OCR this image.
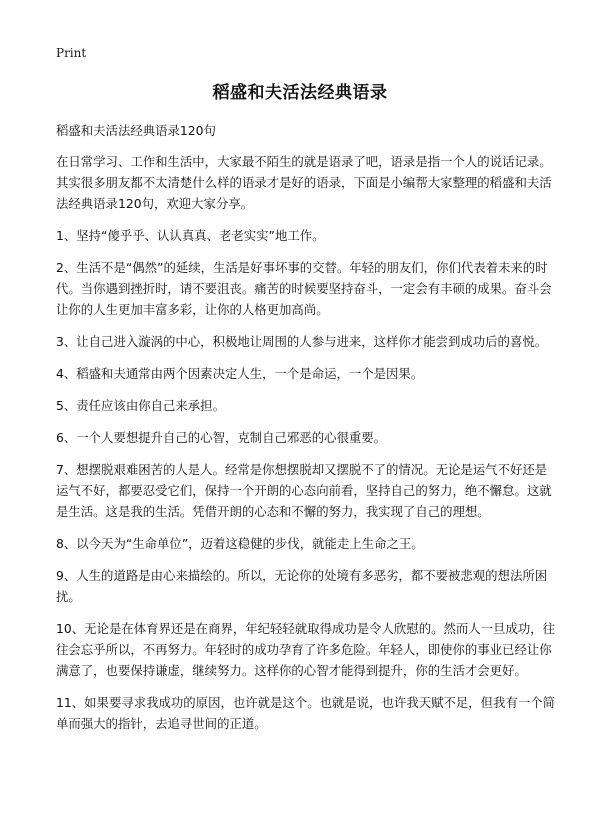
Print
稻盛和夫活法经典语录

稻盛和夫活法经典语录120句

在日常学习、工作和生活中，大家最不陌生的就是语录了吧，语录是指一个人的说话记录。其实很多朋友都不太清楚什么样的语录才是好的语录，下面是小编帮大家整理的稻盛和夫活法经典语录120句，欢迎大家分享。

1、坚持“傻乎乎、认认真真、老老实实”地工作。

2、生活不是“偶然”的延续，生活是好事坏事的交替。年轻的朋友们，你们代表着未来的时代。当你遇到挫折时，请不要沮丧。痛苦的时候要坚持奋斗，一定会有丰硕的成果。奋斗会让你的人生更加丰富多彩，让你的人格更加高尚。

3、让自己进入漩涡的中心，积极地让周围的人参与进来，这样你才能尝到成功后的喜悦。

4、稻盛和夫通常由两个因素决定人生，一个是命运，一个是因果。

5、责任应该由你自己来承担。

6、一个人要想提升自己的心智，克制自己邪恶的心很重要。

7、想摆脱艰难困苦的人是人。经常是你想摆脱却又摆脱不了的情况。无论是运气不好还是运气不好，都要忍受它们，保持一个开朗的心态向前看，坚持自己的努力，绝不懈怠。这就是生活。这是我的生活。凭借开朗的心态和不懈的努力，我实现了自己的理想。

8、以今天为“生命单位”，迈着这稳健的步伐，就能走上生命之王。

9、人生的道路是由心来描绘的。所以，无论你的处境有多恶劣，都不要被悲观的想法所困扰。

10、无论是在体育界还是在商界，年纪轻轻就取得成功是令人欣慰的。然而人一旦成功，往往会忘乎所以，不再努力。年轻时的成功孕育了许多危险。年轻人，即使你的事业已经让你满意了，也要保持谦虚，继续努力。这样你的心智才能得到提升，你的生活才会更好。

11、如果要寻求我成功的原因，也许就是这个。也就是说，也许我天赋不足，但我有一个简单而强大的指针，去追寻世间的正道。
